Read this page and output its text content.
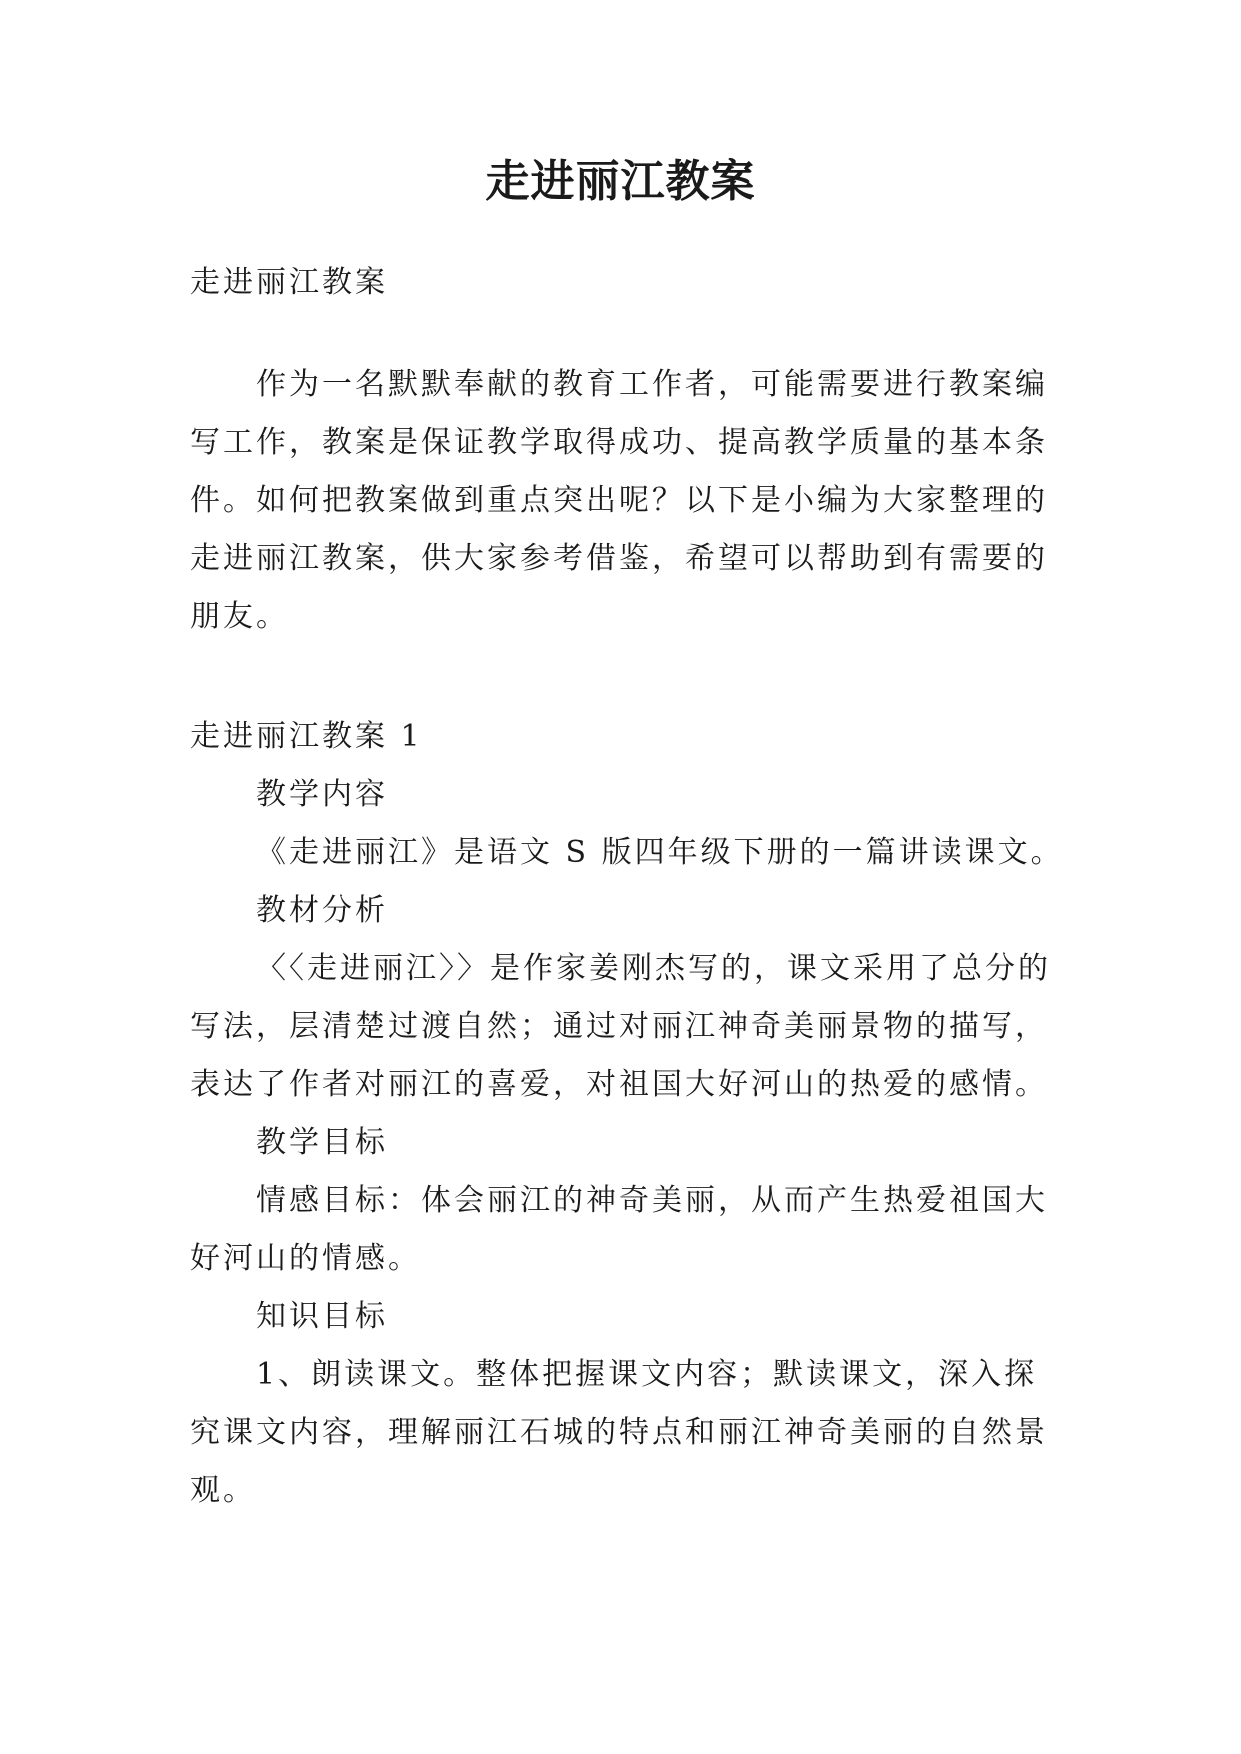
走进丽江教案

走进丽江教案

作为一名默默奉献的教育工作者，可能需要进行教案编

写工作，教案是保证教学取得成功、提高教学质量的基本条

件。如何把教案做到重点突出呢？以下是小编为大家整理的

走进丽江教案，供大家参考借鉴，希望可以帮助到有需要的

朋友。

走进丽江教案 1

教学内容

《走进丽江》是语文 S 版四年级下册的一篇讲读课文。

教材分析

〈〈走进丽江〉〉是作家姜刚杰写的，课文采用了总分的

写法，层清楚过渡自然；通过对丽江神奇美丽景物的描写，

表达了作者对丽江的喜爱，对祖国大好河山的热爱的感情。

教学目标

情感目标：体会丽江的神奇美丽，从而产生热爱祖国大

好河山的情感。

知识目标

1、朗读课文。整体把握课文内容；默读课文，深入探

究课文内容，理解丽江石城的特点和丽江神奇美丽的自然景

观。
